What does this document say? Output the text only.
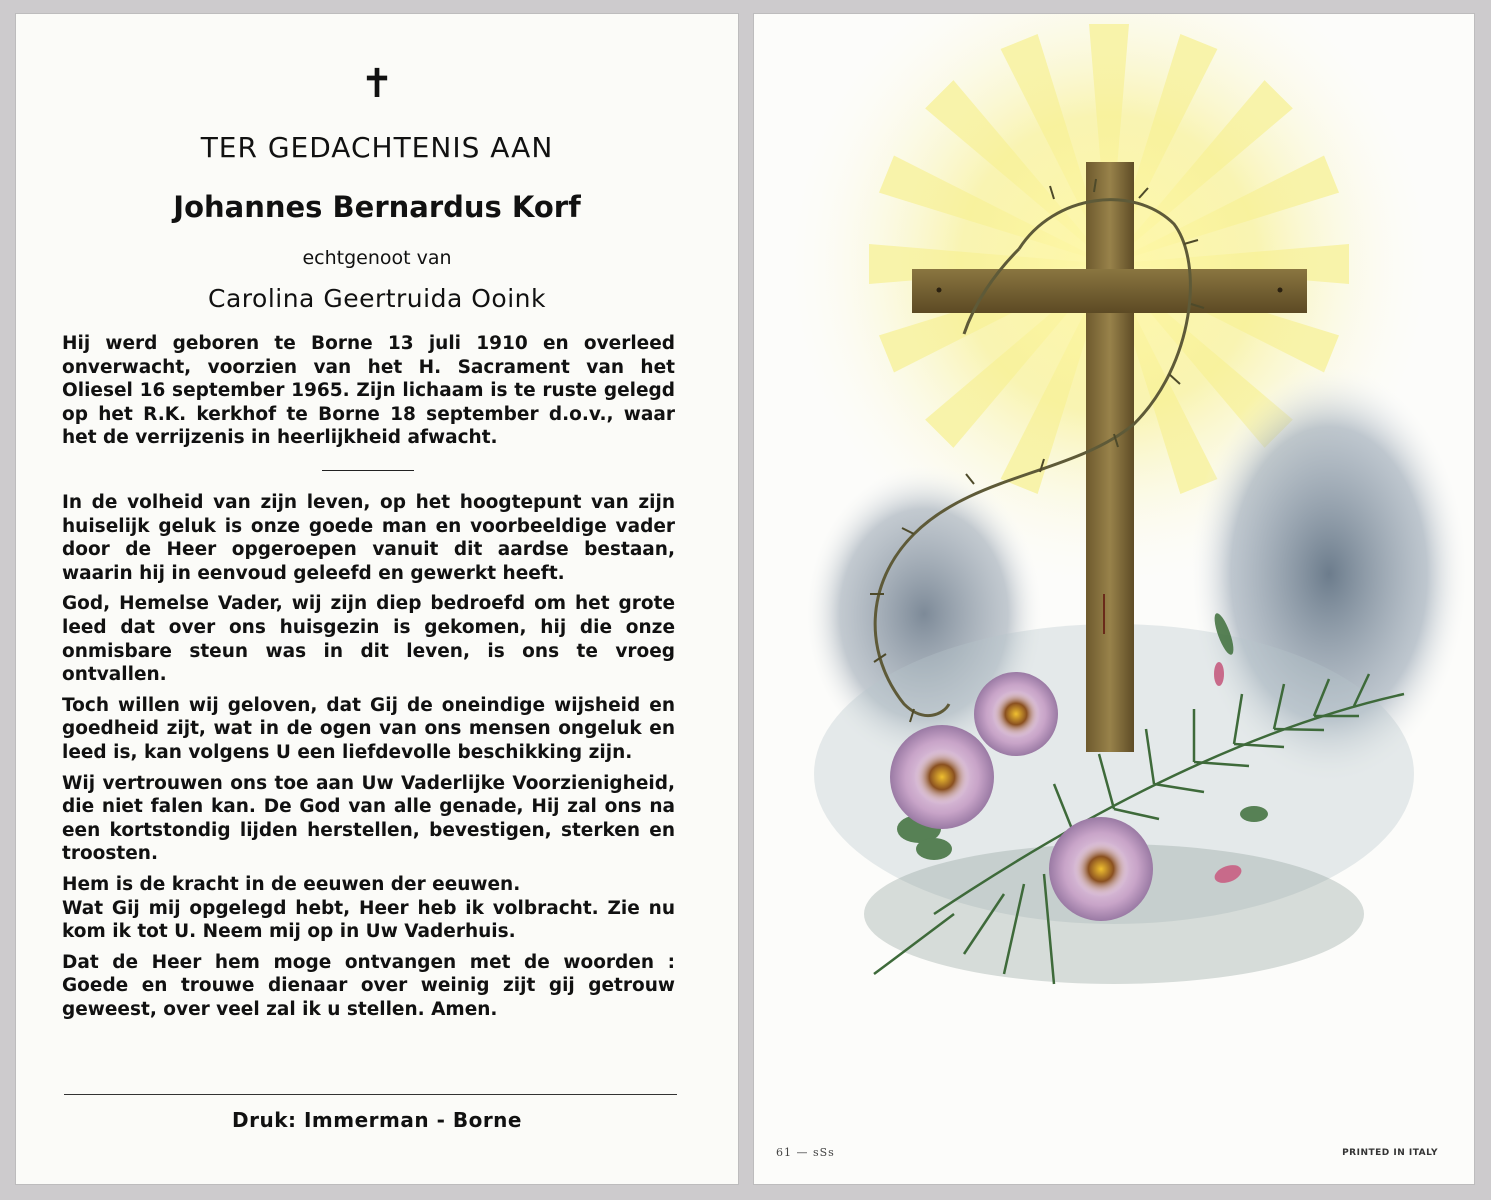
✝
TER GEDACHTENIS AAN
Johannes Bernardus Korf
echtgenoot van
Carolina Geertruida Ooink

Hij werd geboren te Borne 13 juli 1910 en overleed onverwacht, voorzien van het H. Sacrament van het Oliesel 16 september 1965. Zijn lichaam is te ruste gelegd op het R.K. kerkhof te Borne 18 september d.o.v., waar het de verrijzenis in heerlijkheid afwacht.

In de volheid van zijn leven, op het hoogtepunt van zijn huiselijk geluk is onze goede man en voorbeeldige vader door de Heer opgeroepen vanuit dit aardse bestaan, waarin hij in eenvoud geleefd en gewerkt heeft.

God, Hemelse Vader, wij zijn diep bedroefd om het grote leed dat over ons huisgezin is gekomen, hij die onze onmisbare steun was in dit leven, is ons te vroeg ontvallen.

Toch willen wij geloven, dat Gij de oneindige wijsheid en goedheid zijt, wat in de ogen van ons mensen ongeluk en leed is, kan volgens U een liefdevolle beschikking zijn.

Wij vertrouwen ons toe aan Uw Vaderlijke Voorzienigheid, die niet falen kan. De God van alle genade, Hij zal ons na een kortstondig lijden herstellen, bevestigen, sterken en troosten.

Hem is de kracht in de eeuwen der eeuwen.

Wat Gij mij opgelegd hebt, Heer heb ik volbracht. Zie nu kom ik tot U. Neem mij op in Uw Vaderhuis.

Dat de Heer hem moge ontvangen met de woorden : Goede en trouwe dienaar over weinig zijt gij getrouw geweest, over veel zal ik u stellen. Amen.

Druk: Immerman - Borne
61 — sSs	PRINTED IN ITALY
